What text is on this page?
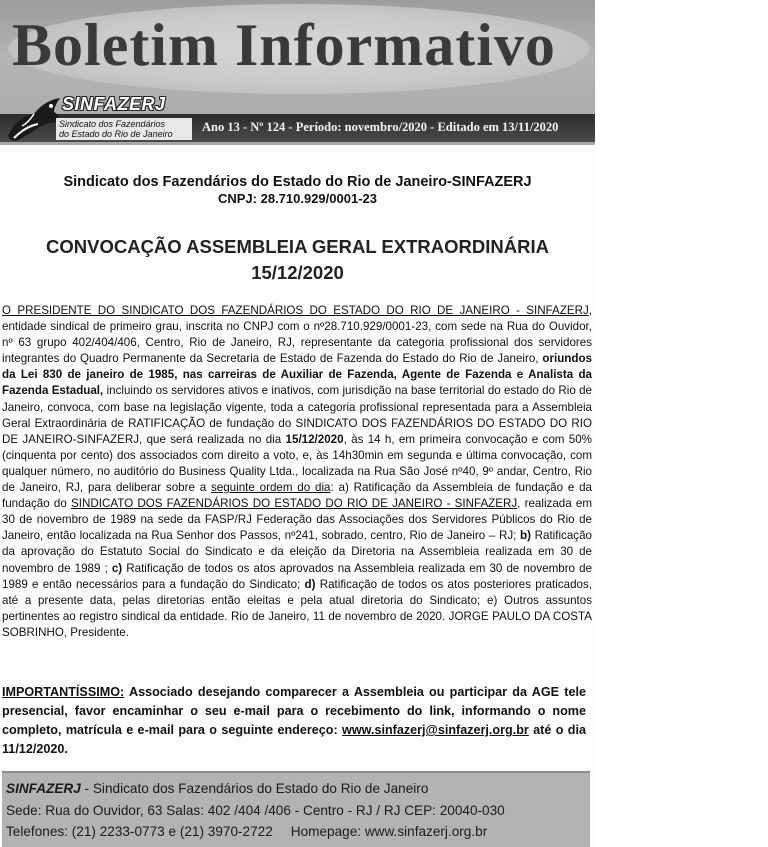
Boletim Informativo
Ano 13 - Nº 124 - Período: novembro/2020 - Editado em 13/11/2020
SINFAZERJ
Sindicato dos Fazendários
do Estado do Rio de Janeiro
Sindicato dos Fazendários do Estado do Rio de Janeiro-SINFAZERJ
CNPJ: 28.710.929/0001-23
CONVOCAÇÃO ASSEMBLEIA GERAL EXTRAORDINÁRIA
15/12/2020
O PRESIDENTE DO SINDICATO DOS FAZENDÁRIOS DO ESTADO DO RIO DE JANEIRO - SINFAZERJ, entidade sindical de primeiro grau, inscrita no CNPJ com o nº28.710.929/0001-23, com sede na Rua do Ouvidor, nº 63 grupo 402/404/406, Centro, Rio de Janeiro, RJ, representante da categoria profissional dos servidores integrantes do Quadro Permanente da Secretaria de Estado de Fazenda do Estado do Rio de Janeiro, oriundos da Lei 830 de janeiro de 1985, nas carreiras de Auxiliar de Fazenda, Agente de Fazenda e Analista da Fazenda Estadual, incluindo os servidores ativos e inativos, com jurisdição na base territorial do estado do Rio de Janeiro, convoca, com base na legislação vigente, toda a categoria profissional representada para a Assembleia Geral Extraordinária de RATIFICAÇÃO de fundação do SINDICATO DOS FAZENDÁRIOS DO ESTADO DO RIO DE JANEIRO-SINFAZERJ, que será realizada no dia 15/12/2020, às 14 h, em primeira convocação e com 50% (cinquenta por cento) dos associados com direito a voto, e, às 14h30min em segunda e última convocação, com qualquer número, no auditório do Business Quality Ltda., localizada na Rua São José nº40, 9º andar, Centro, Rio de Janeiro, RJ, para deliberar sobre a seguinte ordem do dia: a) Ratificação da Assembleia de fundação e da fundação do SINDICATO DOS FAZENDÁRIOS DO ESTADO DO RIO DE JANEIRO - SINFAZERJ, realizada em 30 de novembro de 1989 na sede da FASP/RJ Federação das Associações dos Servidores Públicos do Rio de Janeiro, então localizada na Rua Senhor dos Passos, nº241, sobrado, centro, Rio de Janeiro – RJ; b) Ratificação da aprovação do Estatuto Social do Sindicato e da eleição da Diretoria na Assembleia realizada em 30 de novembro de 1989 ; c) Ratificação de todos os atos aprovados na Assembleia realizada em 30 de novembro de 1989 e então necessários para a fundação do Sindicato; d) Ratificação de todos os atos posteriores praticados, até a presente data, pelas diretorias então eleitas e pela atual diretoria do Sindicato; e) Outros assuntos pertinentes ao registro sindical da entidade. Rio de Janeiro, 11 de novembro de 2020. JORGE PAULO DA COSTA SOBRINHO, Presidente.
IMPORTANTÍSSIMO: Associado desejando comparecer a Assembleia ou participar da AGE tele presencial, favor encaminhar o seu e-mail para o recebimento do link, informando o nome completo, matrícula e e-mail para o seguinte endereço: www.sinfazerj@sinfazerj.org.br até o dia 11/12/2020.
SINFAZERJ - Sindicato dos Fazendários do Estado do Rio de Janeiro
Sede: Rua do Ouvidor, 63 Salas: 402 /404 /406 - Centro - RJ / RJ CEP: 20040-030
Telefones: (21) 2233-0773 e (21) 3970-2722 Homepage: www.sinfazerj.org.br
